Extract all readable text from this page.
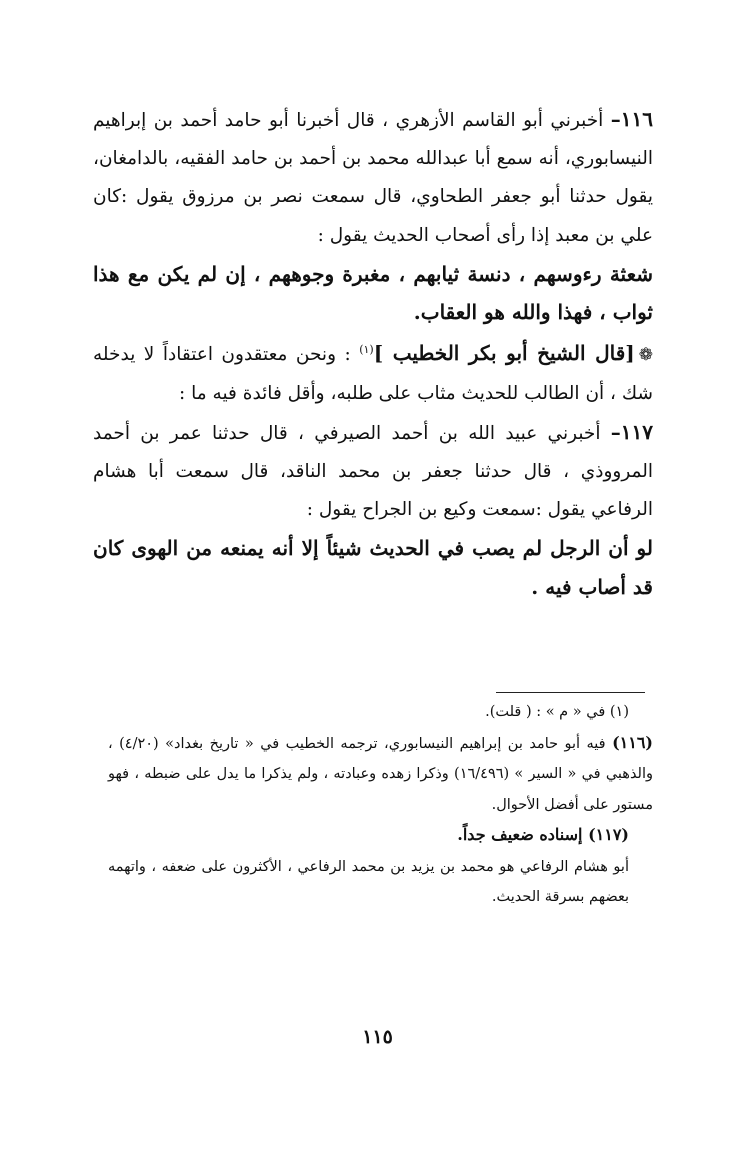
١١٦– أخبرني أبو القاسم الأزهري ، قال أخبرنا أبو حامد أحمد بن إبراهيم النيسابوري، أنه سمع أبا عبدالله محمد بن أحمد بن حامد الفقيه، بالدامغان، يقول حدثنا أبو جعفر الطحاوي، قال سمعت نصر بن مرزوق يقول :كان علي بن معبد إذا رأى أصحاب الحديث يقول :

شعثة رءوسهم ، دنسة ثيابهم ، مغبرة وجوههم ، إن لم يكن مع هذا ثواب ، فهذا والله هو العقاب.

❁[قال الشيخ أبو بكر الخطيب ]$^{(١)}$ : ونحن معتقدون اعتقاداً لا يدخله شك ، أن الطالب للحديث مثاب على طلبه، وأقل فائدة فيه ما :

١١٧– أخبرني عبيد الله بن أحمد الصيرفي ، قال حدثنا عمر بن أحمد المرووذي ، قال حدثنا جعفر بن محمد الناقد، قال سمعت أبا هشام الرفاعي يقول :سمعت وكيع بن الجراح يقول :

لو أن الرجل لم يصب في الحديث شيئاً إلا أنه يمنعه من الهوى كان قد أصاب فيه .

(١) في « م » : ( قلت).

(١١٦) فيه أبو حامد بن إبراهيم النيسابوري، ترجمه الخطيب في « تاريخ بغداد» (٤/٢٠) ، والذهبي في « السير » (١٦/٤٩٦) وذكرا زهده وعبادته ، ولم يذكرا ما يدل على ضبطه ، فهو مستور على أفضل الأحوال.

(١١٧) إسناده ضعيف جداً.

أبو هشام الرفاعي هو محمد بن يزيد بن محمد الرفاعي ، الأكثرون على ضعفه ، واتهمه بعضهم بسرقة الحديث.

١١٥
